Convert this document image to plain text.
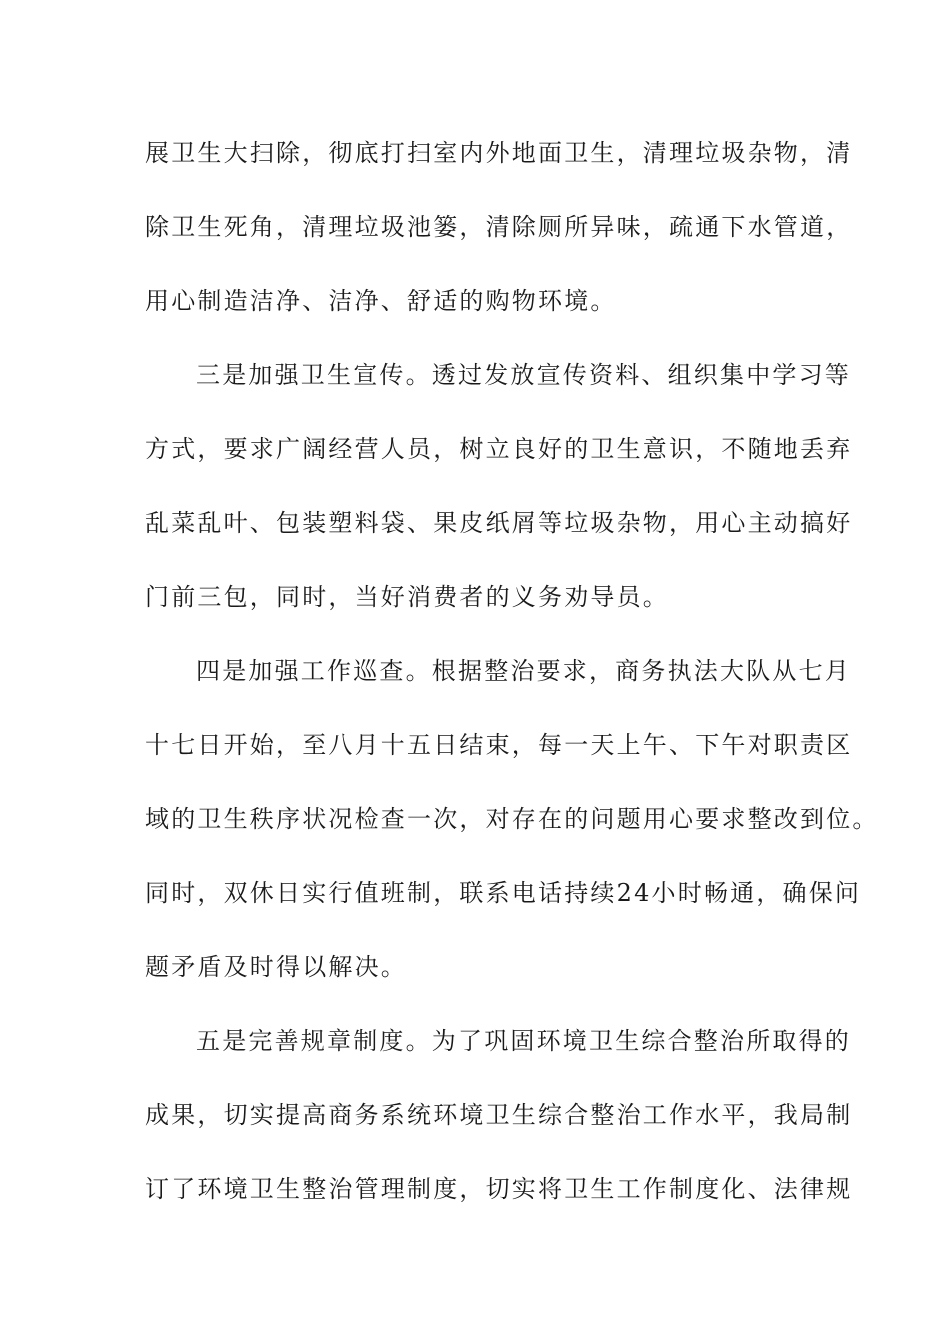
展卫生大扫除，彻底打扫室内外地面卫生，清理垃圾杂物，清
除卫生死角，清理垃圾池篓，清除厕所异味，疏通下水管道，
用心制造洁净、洁净、舒适的购物环境。
三是加强卫生宣传。透过发放宣传资料、组织集中学习等
方式，要求广阔经营人员，树立良好的卫生意识，不随地丢弃
乱菜乱叶、包装塑料袋、果皮纸屑等垃圾杂物，用心主动搞好
门前三包，同时，当好消费者的义务劝导员。
四是加强工作巡查。根据整治要求，商务执法大队从七月
十七日开始，至八月十五日结束，每一天上午、下午对职责区
域的卫生秩序状况检查一次，对存在的问题用心要求整改到位。
同时，双休日实行值班制，联系电话持续24小时畅通，确保问
题矛盾及时得以解决。
五是完善规章制度。为了巩固环境卫生综合整治所取得的
成果，切实提高商务系统环境卫生综合整治工作水平，我局制
订了环境卫生整治管理制度，切实将卫生工作制度化、法律规
